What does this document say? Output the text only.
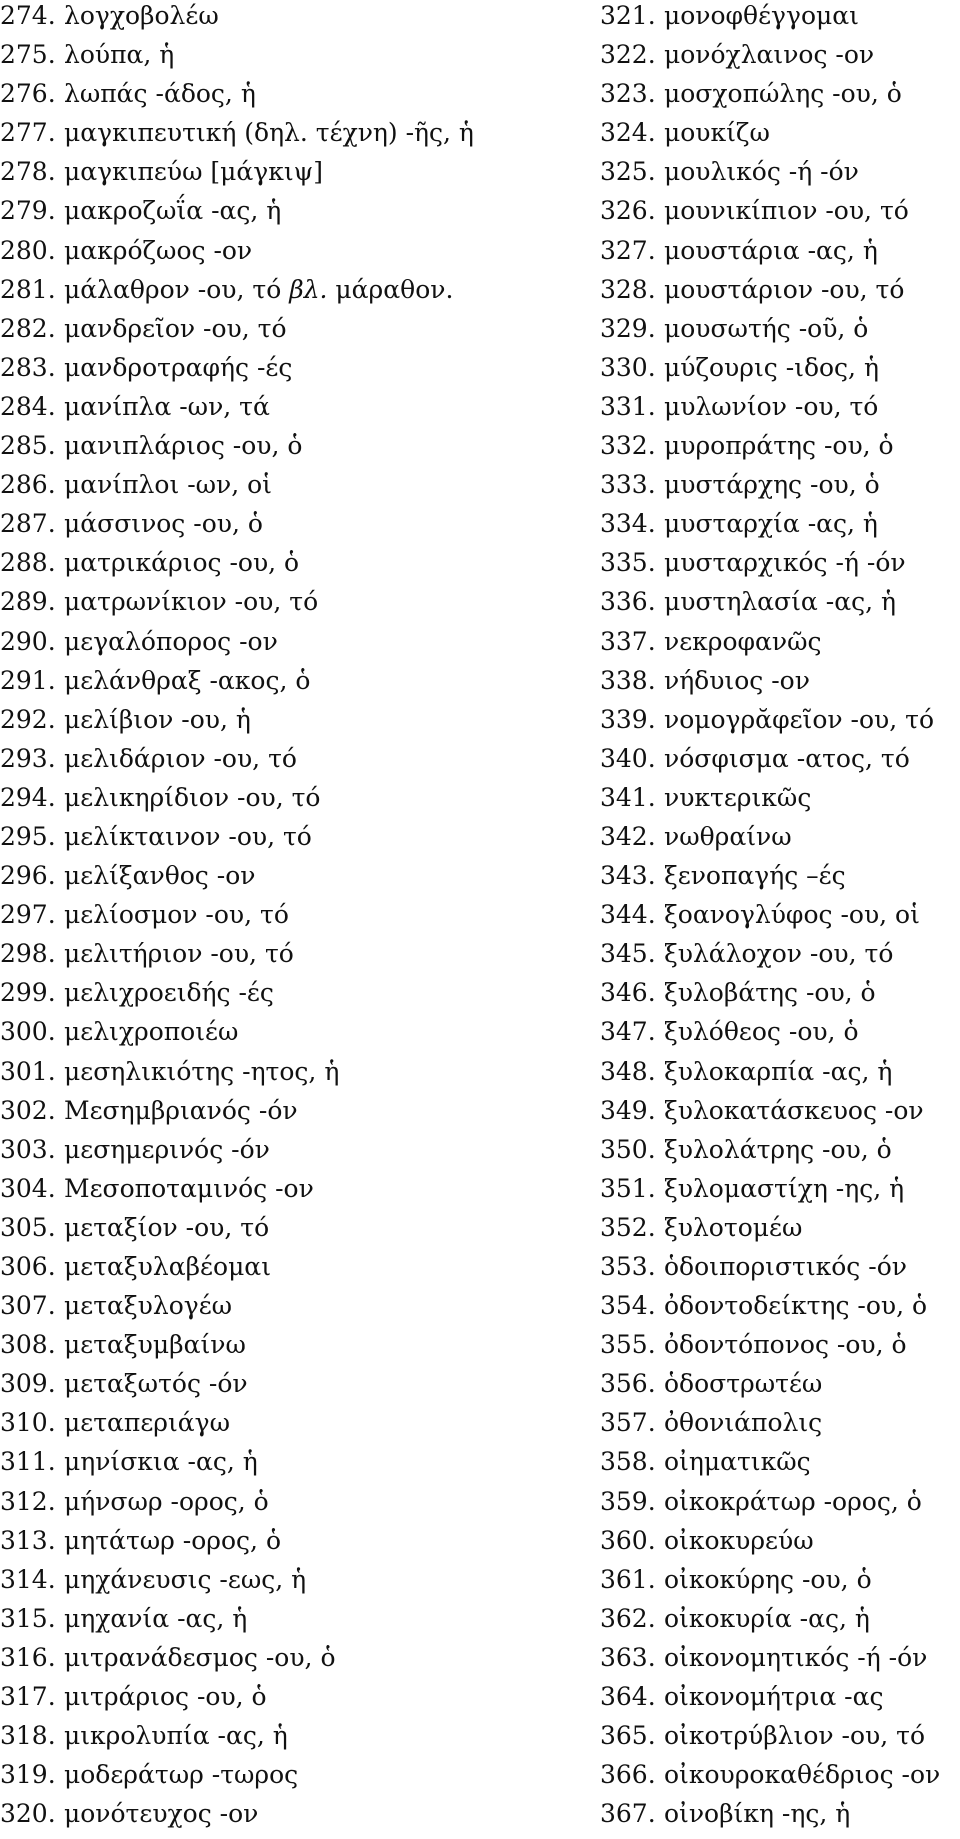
274. λογχοβολέω
275. λούπα, ἡ
276. λωπάς -άδος, ἡ
277. μαγκιπευτική (δηλ. τέχνη) -ῆς, ἡ
278. μαγκιπεύω [μάγκιψ]
279. μακροζωΐα -ας, ἡ
280. μακρόζωος -ον
281. μάλαθρον -ου, τό βλ. μάραθον.
282. μανδρεῖον -ου, τό
283. μανδροτραφής -ές
284. μανίπλα -ων, τά
285. μανιπλάριος -ου, ὁ
286. μανίπλοι -ων, οἱ
287. μάσσινος -ου, ὁ
288. ματρικάριος -ου, ὁ
289. ματρωνίκιον -ου, τό
290. μεγαλόπορος -ον
291. μελάνθραξ -ακος, ὁ
292. μελίβιον -ου, ἡ
293. μελιδάριον -ου, τό
294. μελικηρίδιον -ου, τό
295. μελίκταινον -ου, τό
296. μελίξανθος -ον
297. μελίοσμον -ου, τό
298. μελιτήριον -ου, τό
299. μελιχροειδής -ές
300. μελιχροποιέω
301. μεσηλικιότης -ητος, ἡ
302. Μεσημβριανός -όν
303. μεσημερινός -όν
304. Μεσοποταμινός -ον
305. μεταξίον -ου, τό
306. μεταξυλαβέομαι
307. μεταξυλογέω
308. μεταξυμβαίνω
309. μεταξωτός -όν
310. μεταπεριάγω
311. μηνίσκια -ας, ἡ
312. μήνσωρ -ορος, ὁ
313. μητάτωρ -ορος, ὁ
314. μηχάνευσις -εως, ἡ
315. μηχανία -ας, ἡ
316. μιτρανάδεσμος -ου, ὁ
317. μιτράριος -ου, ὁ
318. μικρολυπία -ας, ἡ
319. μοδεράτωρ -τωρος
320. μονότευχος -ον
321. μονοφθέγγομαι
322. μονόχλαινος -ον
323. μοσχοπώλης -ου, ὁ
324. μουκίζω
325. μουλικός -ή -όν
326. μουνικίπιον -ου, τό
327. μουστάρια -ας, ἡ
328. μουστάριον -ου, τό
329. μουσωτής -οῦ, ὁ
330. μύζουρις -ιδος, ἡ
331. μυλωνίον -ου, τό
332. μυροπράτης -ου, ὁ
333. μυστάρχης -ου, ὁ
334. μυσταρχία -ας, ἡ
335. μυσταρχικός -ή -όν
336. μυστηλασία -ας, ἡ
337. νεκροφανῶς
338. νήδυιος -ον
339. νομογρᾰφεῖον -ου, τό
340. νόσφισμα -ατος, τό
341. νυκτερικῶς
342. νωθραίνω
343. ξενοπαγής –ές
344. ξοανογλύφος -ου, οἱ
345. ξυλάλοχον -ου, τό
346. ξυλοβάτης -ου, ὁ
347. ξυλόθεος -ου, ὁ
348. ξυλοκαρπία -ας, ἡ
349. ξυλοκατάσκευος -ον
350. ξυλολάτρης -ου, ὁ
351. ξυλομαστίχη -ης, ἡ
352. ξυλοτομέω
353. ὁδοιποριστικός -όν
354. ὀδοντοδείκτης -ου, ὁ
355. ὀδοντόπονος -ου, ὁ
356. ὁδοστρωτέω
357. ὀθονιάπολις
358. οἰηματικῶς
359. οἰκοκράτωρ -ορος, ὁ
360. οἰκοκυρεύω
361. οἰκοκύρης -ου, ὁ
362. οἰκοκυρία -ας, ἡ
363. οἰκονομητικός -ή -όν
364. οἰκονομήτρια -ας
365. οἰκοτρύβλιον -ου, τό
366. οἰκουροκαθέδριος -ον
367. οἰνοβίκη -ης, ἡ
